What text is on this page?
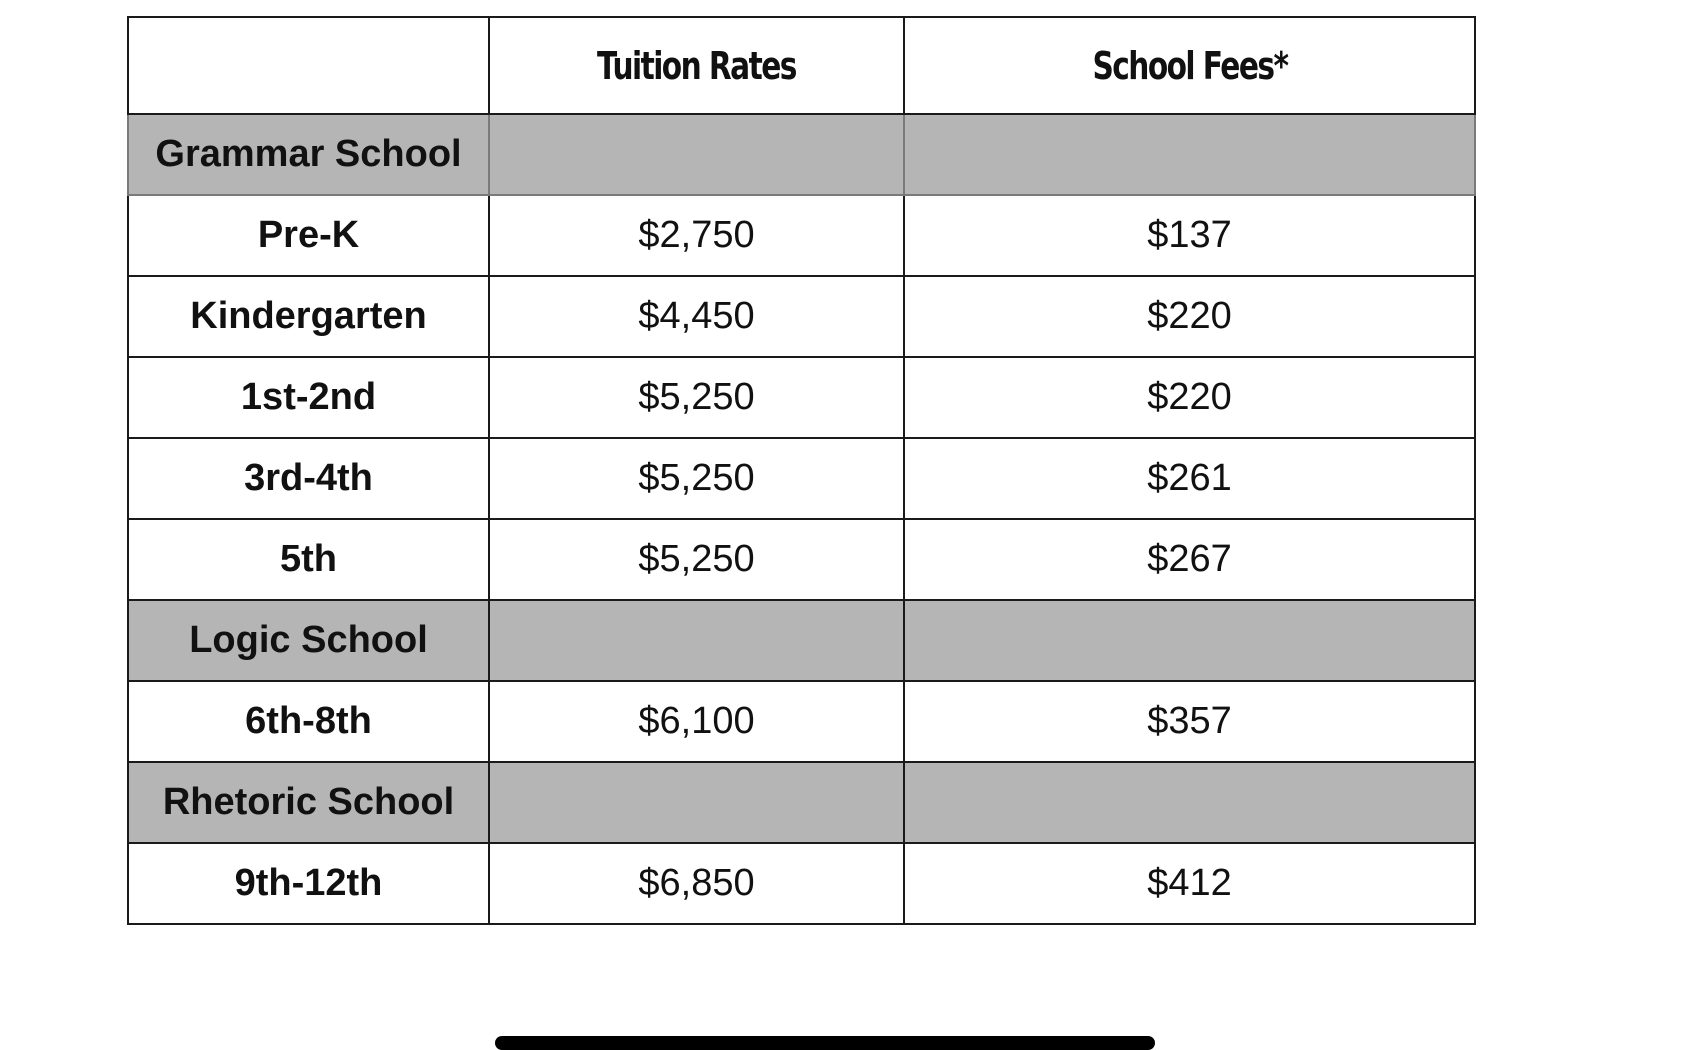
	Tuition Rates	School Fees*
Grammar School		
Pre-K	$2,750	$137
Kindergarten	$4,450	$220
1st-2nd	$5,250	$220
3rd-4th	$5,250	$261
5th	$5,250	$267
Logic School		
6th-8th	$6,100	$357
Rhetoric School		
9th-12th	$6,850	$412
